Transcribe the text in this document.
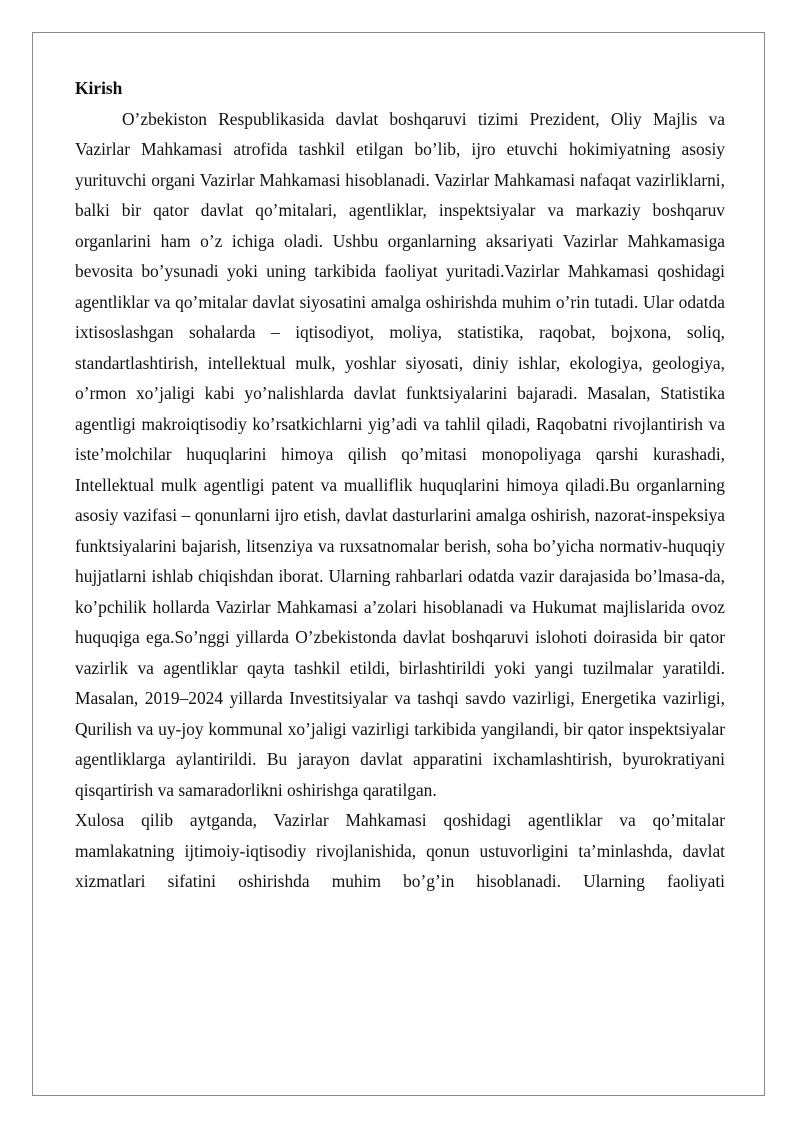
Kirish

O’zbekiston Respublikasida davlat boshqaruvi tizimi Prezident, Oliy Majlis va Vazirlar Mahkamasi atrofida tashkil etilgan bo’lib, ijro etuvchi hokimiyatning asosiy yurituvchi organi Vazirlar Mahkamasi hisoblanadi. Vazirlar Mahkamasi nafaqat vazirliklarni, balki bir qator davlat qo’mitalari, agentliklar, inspektsiyalar va markaziy boshqaruv organlarini ham o’z ichiga oladi. Ushbu organlarning aksariyati Vazirlar Mahkamasiga bevosita bo’ysunadi yoki uning tarkibida faoliyat yuritadi.Vazirlar Mahkamasi qoshidagi agentliklar va qo’mitalar davlat siyosatini amalga oshirishda muhim o’rin tutadi. Ular odatda ixtisoslashgan sohalarda – iqtisodiyot, moliya, statistika, raqobat, bojxona, soliq, standartlashtirish, intellektual mulk, yoshlar siyosati, diniy ishlar, ekologiya, geologiya, o’rmon xo’jaligi kabi yo’nalishlarda davlat funktsiyalarini bajaradi. Masalan, Statistika agentligi makroiqtisodiy ko’rsatkichlarni yig’adi va tahlil qiladi, Raqobatni rivojlantirish va iste’molchilar huquqlarini himoya qilish qo’mitasi monopoliyaga qarshi kurashadi, Intellektual mulk agentligi patent va mualliflik huquqlarini himoya qiladi.Bu organlarning asosiy vazifasi – qonunlarni ijro etish, davlat dasturlarini amalga oshirish, nazorat-inspeksiya funktsiyalarini bajarish, litsenziya va ruxsatnomalar berish, soha bo’yicha normativ-huquqiy hujjatlarni ishlab chiqishdan iborat. Ularning rahbarlari odatda vazir darajasida bo’lmasa-da, ko’pchilik hollarda Vazirlar Mahkamasi a’zolari hisoblanadi va Hukumat majlislarida ovoz huquqiga ega.So’nggi yillarda O’zbekistonda davlat boshqaruvi islohoti doirasida bir qator vazirlik va agentliklar qayta tashkil etildi, birlashtirildi yoki yangi tuzilmalar yaratildi. Masalan, 2019–2024 yillarda Investitsiyalar va tashqi savdo vazirligi, Energetika vazirligi, Qurilish va uy-joy kommunal xo’jaligi vazirligi tarkibida yangilandi, bir qator inspektsiyalar agentliklarga aylantirildi. Bu jarayon davlat apparatini ixchamlashtirish, byurokratiyani qisqartirish va samaradorlikni oshirishga qaratilgan.

Xulosa qilib aytganda, Vazirlar Mahkamasi qoshidagi agentliklar va qo’mitalar mamlakatning ijtimoiy-iqtisodiy rivojlanishida, qonun ustuvorligini ta’minlashda, davlat xizmatlari sifatini oshirishda muhim bo’g’in hisoblanadi. Ularning faoliyati
